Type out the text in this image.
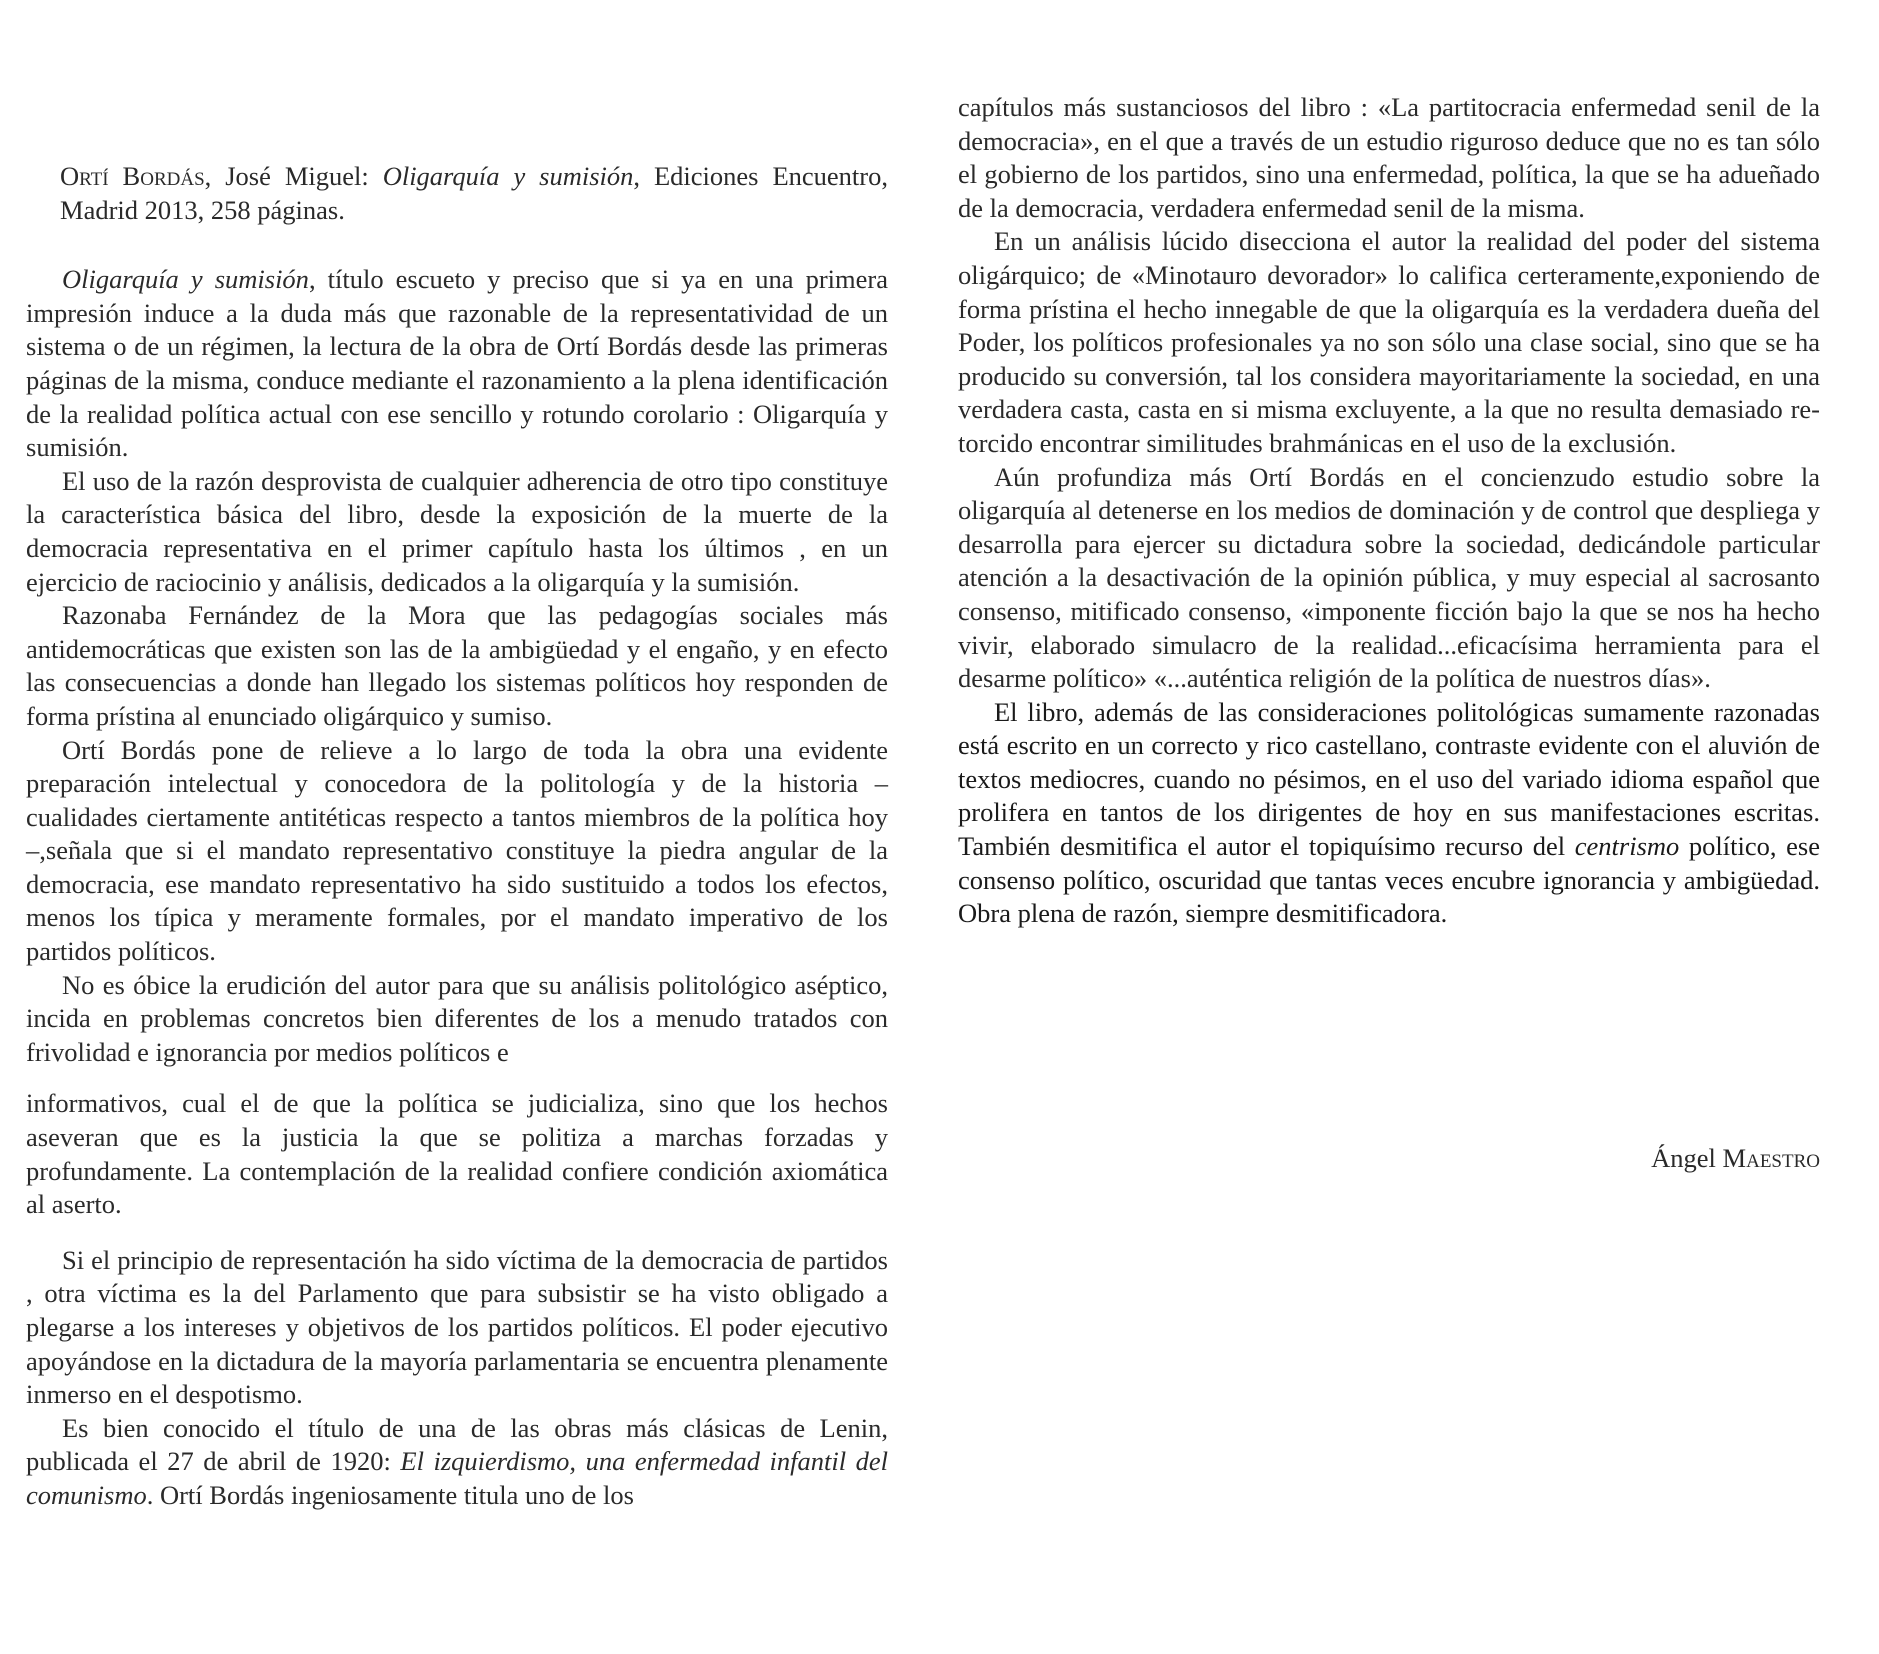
Ortí Bordás, José Miguel: Oligarquía y sumisión, Ediciones Encuentro, Madrid 2013, 258 páginas.

Oligarquía y sumisión, título escueto y preciso que si ya en una primera impresión induce a la duda más que razonable de la representatividad de un sistema o de un régimen, la lectura de la obra de Ortí Bordás desde las primeras páginas de la misma, conduce mediante el razonamiento a la plena identificación de la realidad política actual con ese sencillo y rotundo corolario : Oligarquía y sumisión.

El uso de la razón desprovista de cualquier adherencia de otro tipo constituye la característica básica del libro, desde la exposición de la muerte de la democracia representativa en el primer capítulo hasta los últimos , en un ejercicio de raciocinio y análisis, dedicados a la oligarquía y la sumisión.

Razonaba Fernández de la Mora que las pedagogías sociales más antidemocráticas que existen son las de la ambigüedad y el engaño, y en efecto las consecuencias a donde han llegado los sistemas políticos hoy responden de forma prístina al enunciado oligárquico y sumiso.

Ortí Bordás pone de relieve a lo largo de toda la obra una evidente preparación intelectual y conocedora de la politología y de la historia – cualidades ciertamente antitéticas respecto a tantos miembros de la política hoy –,señala que si el mandato representativo constituye la piedra angular de la democracia, ese mandato representativo ha sido sustituido a todos los efectos, menos los típica y meramente formales, por el mandato imperativo de los partidos políticos.

No es óbice la erudición del autor para que su análisis politológico aséptico, incida en problemas concretos bien diferentes de los a menudo tratados con frivolidad e ignorancia por medios políticos e

informativos, cual el de que la política se judicializa, sino que los hechos aseveran que es la justicia la que se politiza a marchas forzadas y profundamente. La contemplación de la realidad confiere condición axiomática al aserto.

Si el principio de representación ha sido víctima de la democracia de partidos , otra víctima es la del Parlamento que para subsistir se ha visto obligado a plegarse a los intereses y objetivos de los partidos políticos. El poder ejecutivo apoyándose en la dictadura de la mayoría parlamentaria se encuentra plenamente inmerso en el despotismo.

Es bien conocido el título de una de las obras más clásicas de Lenin, publicada el 27 de abril de 1920: El izquierdismo, una enfermedad infantil del comunismo. Ortí Bordás ingeniosamente titula uno de los

capítulos más sustanciosos del libro : «La partitocracia enfermedad senil de la democracia», en el que a través de un estudio riguroso deduce que no es tan sólo el gobierno de los partidos, sino una enfermedad, política, la que se ha adueñado de la democracia, verdadera enfermedad senil de la misma.

En un análisis lúcido disecciona el autor la realidad del poder del sistema oligárquico; de «Minotauro devorador» lo califica certeramente,exponiendo de forma prístina el hecho innegable de que la oligarquía es la verdadera dueña del Poder, los políticos profesionales ya no son sólo una clase social, sino que se ha producido su conversión, tal los considera mayoritariamente la sociedad, en una verdadera casta, casta en si misma excluyente, a la que no resulta demasiado retorcido encontrar similitudes brahmánicas en el uso de la exclusión.

Aún profundiza más Ortí Bordás en el concienzudo estudio sobre la oligarquía al detenerse en los medios de dominación y de control que despliega y desarrolla para ejercer su dictadura sobre la sociedad, dedicándole particular atención a la desactivación de la opinión pública, y muy especial al sacrosanto consenso, mitificado consenso, «imponente ficción bajo la que se nos ha hecho vivir, elaborado simulacro de la realidad...eficacísima herramienta para el desarme político» «...auténtica religión de la política de nuestros días».

El libro, además de las consideraciones politológicas sumamente razonadas está escrito en un correcto y rico castellano, contraste evidente con el aluvión de textos mediocres, cuando no pésimos, en el uso del variado idioma español que prolifera en tantos de los dirigentes de hoy en sus manifestaciones escritas. También desmitifica el autor el topiquísimo recurso del centrismo político, ese consenso político, oscuridad que tantas veces encubre ignorancia y ambigüedad. Obra plena de razón, siempre desmitificadora.

Ángel Maestro
